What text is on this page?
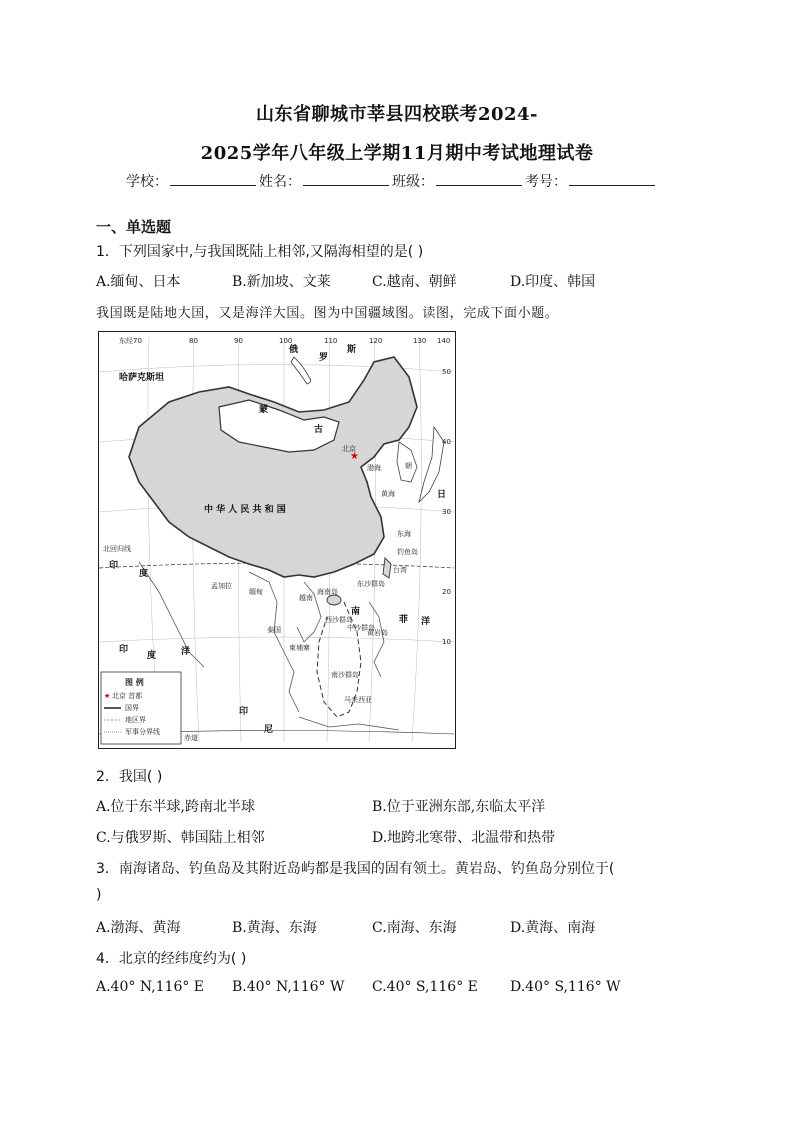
山东省聊城市莘县四校联考2024-
2025学年八年级上学期11月期中考试地理试卷
学校：	姓名：	班级：	考号：
一、单选题
1．下列国家中,与我国既陆上相邻,又隔海相望的是( )
A.缅甸、日本	B.新加坡、文莱	C.越南、朝鲜	D.印度、韩国
我国既是陆地大国，又是海洋大国。图为中国疆域图。读图，完成下面小题。
★
东经70	80	90	100	110	120	130 140
50
40
30
20
10
哈萨克斯坦
俄
罗
斯
蒙
古
中 华 人 民 共 和 国
北京
北回归线
印
度
孟加拉
印
度	洋
日
东海
南
洋
朝
渤海
黄海
台湾
钓鱼岛
东沙群岛
西沙群岛
中沙群岛
黄岩岛
南沙群岛
海南岛
越南
泰国
柬埔寨
缅甸
菲
马来西亚
印
尼
赤道
图 例
★ 北京 首都
国界
地区界
军事分界线
2．我国( )
A.位于东半球,跨南北半球	B.位于亚洲东部,东临太平洋
C.与俄罗斯、韩国陆上相邻	D.地跨北寒带、北温带和热带
3．南海诸岛、钓鱼岛及其附近岛屿都是我国的固有领土。黄岩岛、钓鱼岛分别位于(
)
A.渤海、黄海	B.黄海、东海	C.南海、东海	D.黄海、南海
4．北京的经纬度约为( )
A.40° N,116° E B.40° N,116° W C.40° S,116° E D.40° S,116° W
